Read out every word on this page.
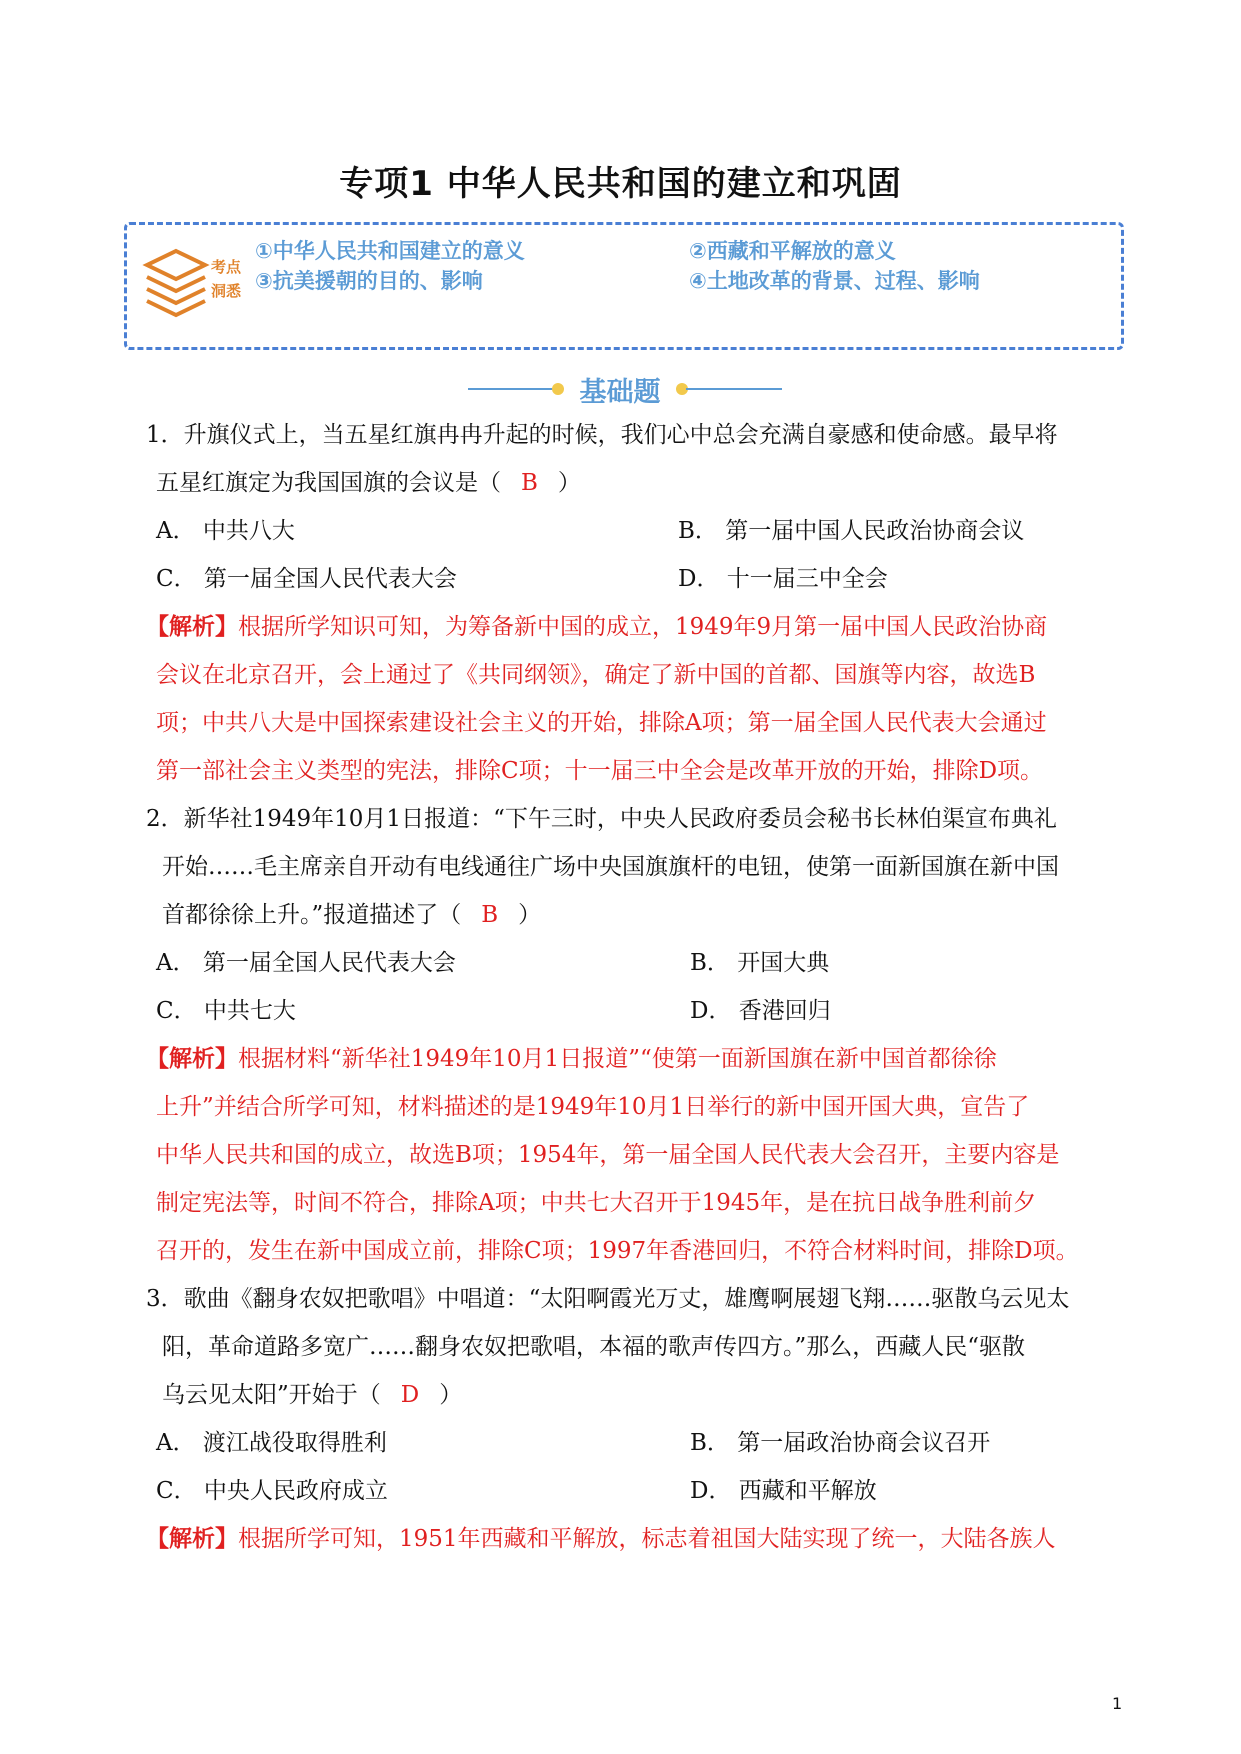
专项1 中华人民共和国的建立和巩固
考点
洞悉
①中华人民共和国建立的意义	②西藏和平解放的意义
③抗美援朝的目的、影响	④土地改革的背景、过程、影响
基础题
1．升旗仪式上，当五星红旗冉冉升起的时候，我们心中总会充满自豪感和使命感。最早将
五星红旗定为我国国旗的会议是（ B ）
A． 中共八大	B． 第一届中国人民政治协商会议
C． 第一届全国人民代表大会	D． 十一届三中全会
【解析】根据所学知识可知，为筹备新中国的成立，1949年9月第一届中国人民政治协商
会议在北京召开，会上通过了《共同纲领》，确定了新中国的首都、国旗等内容，故选B
项；中共八大是中国探索建设社会主义的开始，排除A项；第一届全国人民代表大会通过
第一部社会主义类型的宪法，排除C项；十一届三中全会是改革开放的开始，排除D项。
2．新华社1949年10月1日报道：“下午三时，中央人民政府委员会秘书长林伯渠宣布典礼
开始……毛主席亲自开动有电线通往广场中央国旗旗杆的电钮，使第一面新国旗在新中国
首都徐徐上升。”报道描述了（ B ）
A． 第一届全国人民代表大会	B． 开国大典
C． 中共七大	D． 香港回归
【解析】根据材料“新华社1949年10月1日报道”“使第一面新国旗在新中国首都徐徐
上升”并结合所学可知，材料描述的是1949年10月1日举行的新中国开国大典，宣告了
中华人民共和国的成立，故选B项；1954年，第一届全国人民代表大会召开，主要内容是
制定宪法等，时间不符合，排除A项；中共七大召开于1945年，是在抗日战争胜利前夕
召开的，发生在新中国成立前，排除C项；1997年香港回归，不符合材料时间，排除D项。
3．歌曲《翻身农奴把歌唱》中唱道：“太阳啊霞光万丈，雄鹰啊展翅飞翔……驱散乌云见太
阳，革命道路多宽广……翻身农奴把歌唱，本福的歌声传四方。”那么，西藏人民“驱散
乌云见太阳”开始于（ D ）
A． 渡江战役取得胜利	B． 第一届政治协商会议召开
C． 中央人民政府成立	D． 西藏和平解放
【解析】根据所学可知，1951年西藏和平解放，标志着祖国大陆实现了统一，大陆各族人
1
